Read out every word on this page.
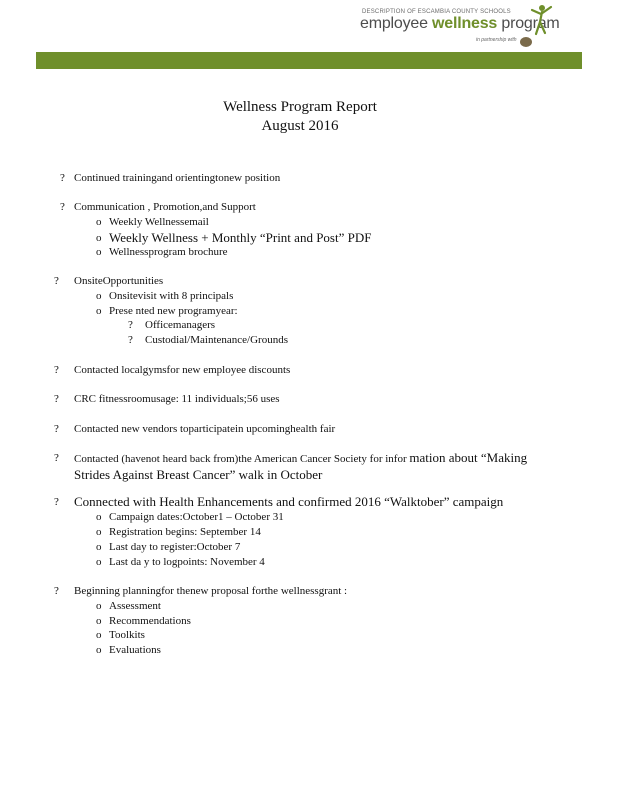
DESCRIPTION OF ESCAMBIA COUNTY SCHOOLS
employee wellness program
in partnership with
Wellness Program Report
August 2016
? Continued trainingand orientingtonew position
? Communication , Promotion,and Support
o Weekly Wellnessemail
o Weekly Wellness + Monthly “Print and Post” PDF
o Wellnessprogram brochure
? OnsiteOpportunities
o Onsitevisit with 8 principals
o Prese nted new programyear:
? Officemanagers
? Custodial/Maintenance/Grounds
? Contacted localgymsfor new employee discounts
? CRC fitnessroomusage: 11 individuals;56 uses
? Contacted new vendors toparticipatein upcominghealth fair
? Contacted (havenot heard back from)the American Cancer Society for infor mation about “Making
Strides Against Breast Cancer” walk in October
? Connected with Health Enhancements and confirmed 2016 “Walktober” campaign
o Campaign dates:October1 – October 31
o Registration begins: September 14
o Last day to register:October 7
o Last da y to logpoints: November 4
? Beginning planningfor thenew proposal forthe wellnessgrant :
o Assessment
o Recommendations
o Toolkits
o Evaluations
